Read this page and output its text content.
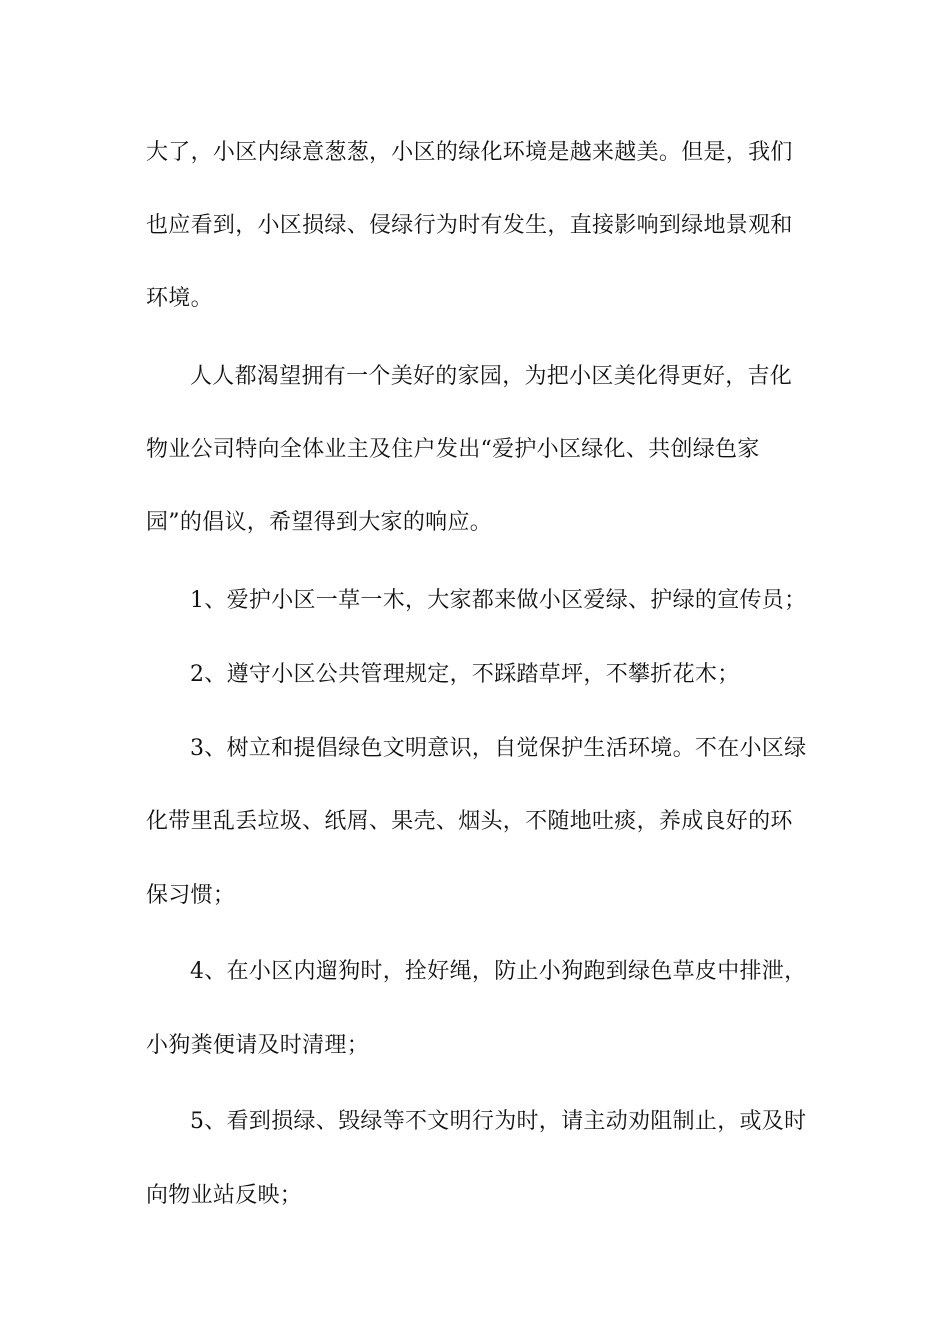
大了，小区内绿意葱葱，小区的绿化环境是越来越美。但是，我们
也应看到，小区损绿、侵绿行为时有发生，直接影响到绿地景观和
环境。
人人都渴望拥有一个美好的家园，为把小区美化得更好，吉化
物业公司特向全体业主及住户发出“爱护小区绿化、共创绿色家
园”的倡议，希望得到大家的响应。
1、爱护小区一草一木，大家都来做小区爱绿、护绿的宣传员；
2、遵守小区公共管理规定，不踩踏草坪，不攀折花木；
3、树立和提倡绿色文明意识，自觉保护生活环境。不在小区绿
化带里乱丢垃圾、纸屑、果壳、烟头，不随地吐痰，养成良好的环
保习惯；
4、在小区内遛狗时，拴好绳，防止小狗跑到绿色草皮中排泄，
小狗粪便请及时清理；
5、看到损绿、毁绿等不文明行为时，请主动劝阻制止，或及时
向物业站反映；
